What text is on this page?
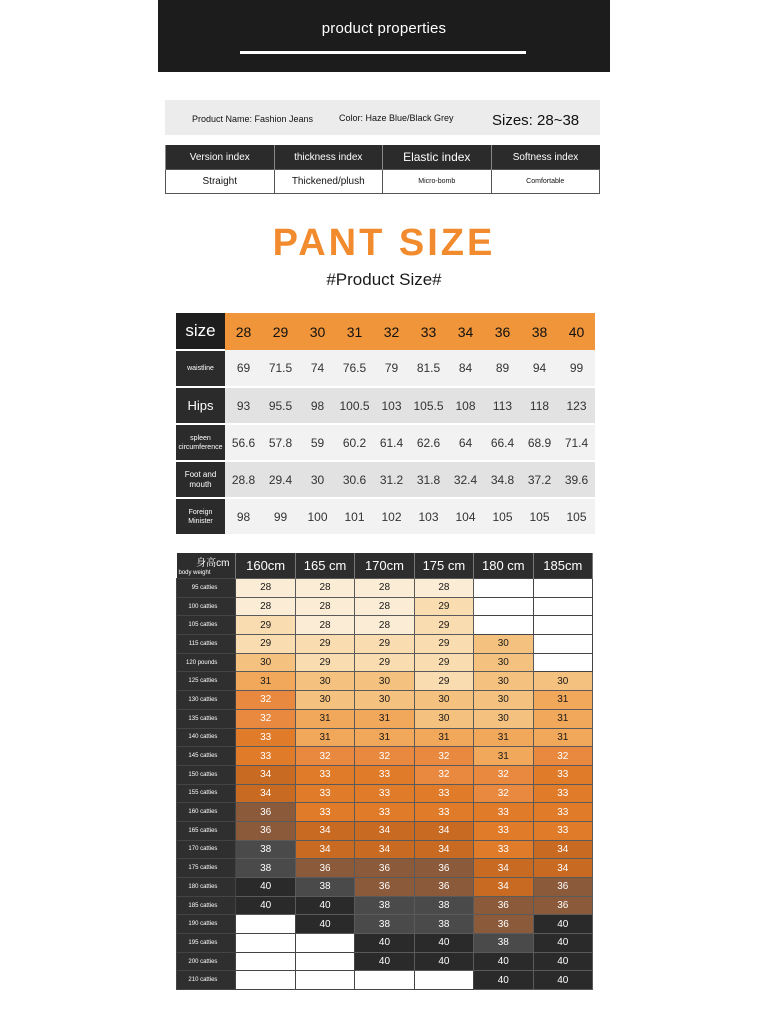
product properties
Product Name: Fashion Jeans	Color: Haze Blue/Black Grey	Sizes: 28~38
Version index	thickness index	Elastic index	Softness index
Straight	Thickened/plush	Micro-bomb	Comfortable
PANT SIZE
#Product Size#
size	28	29	30	31	32	33	34	36	38	40
waistline	69	71.5	74	76.5	79	81.5	84	89	94	99
Hips	93	95.5	98	100.5	103	105.5	108	113	118	123
spleen circumference	56.6	57.8	59	60.2	61.4	62.6	64	66.4	68.9	71.4
Foot and mouth	28.8	29.4	30	30.6	31.2	31.8	32.4	34.8	37.2	39.6
Foreign Minister	98	99	100	101	102	103	104	105	105	105
身高cm
body weight	160cm	165 cm	170cm	175 cm	180 cm	185cm
95 catties	28	28	28	28		
100 catties	28	28	28	29		
105 catties	29	28	28	29		
115 catties	29	29	29	29	30	
120 pounds	30	29	29	29	30	
125 catties	31	30	30	29	30	30
130 catties	32	30	30	30	30	31
135 catties	32	31	31	30	30	31
140 catties	33	31	31	31	31	31
145 catties	33	32	32	32	31	32
150 catties	34	33	33	32	32	33
155 catties	34	33	33	33	32	33
160 catties	36	33	33	33	33	33
165 catties	36	34	34	34	33	33
170 catties	38	34	34	34	33	34
175 catties	38	36	36	36	34	34
180 catties	40	38	36	36	34	36
185 catties	40	40	38	38	36	36
190 catties		40	38	38	36	40
195 catties			40	40	38	40
200 catties			40	40	40	40
210 catties					40	40
